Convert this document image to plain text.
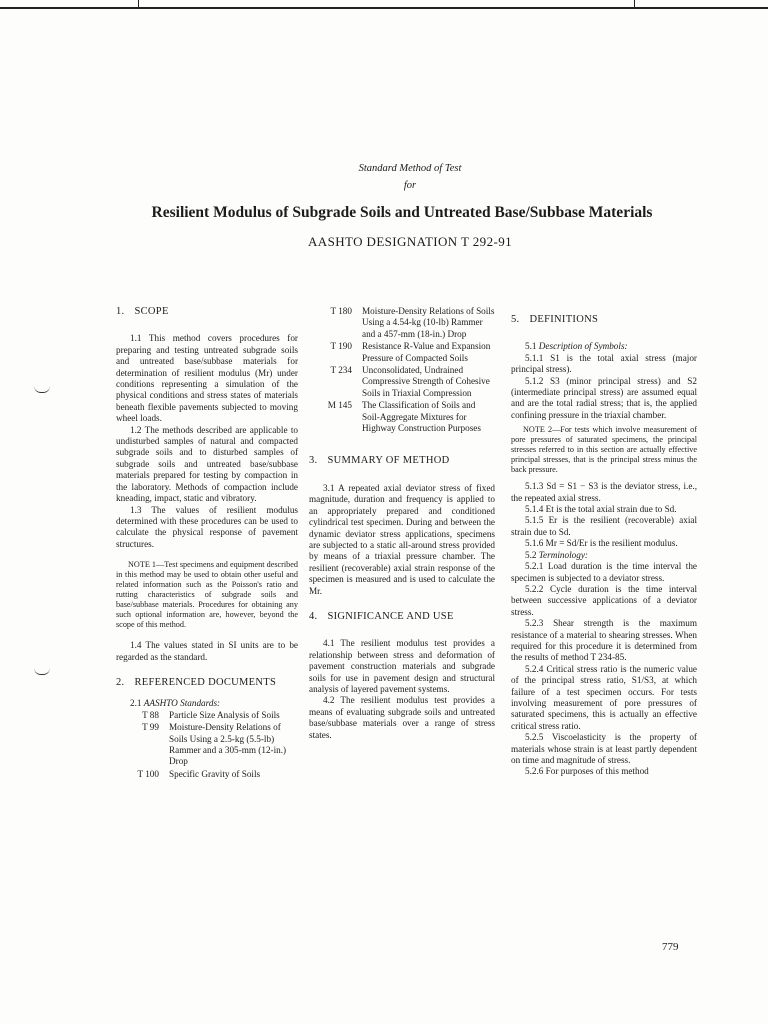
Standard Method of Test
for
Resilient Modulus of Subgrade Soils and Untreated Base/Subbase Materials
AASHTO DESIGNATION T 292-91
1. SCOPE

1.1 This method covers procedures for preparing and testing untreated subgrade soils and untreated base/subbase materials for determination of resilient modulus (Mr) under conditions representing a simulation of the physical conditions and stress states of materials beneath flexible pavements subjected to moving wheel loads.

1.2 The methods described are applicable to undisturbed samples of natural and compacted subgrade soils and to disturbed samples of subgrade soils and untreated base/subbase materials prepared for testing by compaction in the laboratory. Methods of compaction include kneading, impact, static and vibratory.

1.3 The values of resilient modulus determined with these procedures can be used to calculate the physical response of pavement structures.

NOTE 1—Test specimens and equipment described in this method may be used to obtain other useful and related information such as the Poisson's ratio and rutting characteristics of subgrade soils and base/subbase materials. Procedures for obtaining any such optional information are, however, beyond the scope of this method.

1.4 The values stated in SI units are to be regarded as the standard.

2. REFERENCED DOCUMENTS

2.1 AASHTO Standards:

T 88	Particle Size Analysis of Soils
T 99	Moisture-Density Relations of Soils Using a 2.5-kg (5.5-lb) Rammer and a 305-mm (12-in.) Drop
T 100	Specific Gravity of Soils
T 180	Moisture-Density Relations of Soils Using a 4.54-kg (10-lb) Rammer and a 457-mm (18-in.) Drop
T 190	Resistance R-Value and Expansion Pressure of Compacted Soils
T 234	Unconsolidated, Undrained Compressive Strength of Cohesive Soils in Triaxial Compression
M 145	The Classification of Soils and Soil-Aggregate Mixtures for Highway Construction Purposes
3. SUMMARY OF METHOD

3.1 A repeated axial deviator stress of fixed magnitude, duration and frequency is applied to an appropriately prepared and conditioned cylindrical test specimen. During and between the dynamic deviator stress applications, specimens are subjected to a static all-around stress provided by means of a triaxial pressure chamber. The resilient (recoverable) axial strain response of the specimen is measured and is used to calculate the Mr.

4. SIGNIFICANCE AND USE

4.1 The resilient modulus test provides a relationship between stress and deformation of pavement construction materials and subgrade soils for use in pavement design and structural analysis of layered pavement systems.

4.2 The resilient modulus test provides a means of evaluating subgrade soils and untreated base/subbase materials over a range of stress states.

5. DEFINITIONS

5.1 Description of Symbols:

5.1.1 S1 is the total axial stress (major principal stress).

5.1.2 S3 (minor principal stress) and S2 (intermediate principal stress) are assumed equal and are the total radial stress; that is, the applied confining pressure in the triaxial chamber.

NOTE 2—For tests which involve measurement of pore pressures of saturated specimens, the principal stresses referred to in this section are actually effective principal stresses, that is the principal stress minus the back pressure.

5.1.3 Sd = S1 − S3 is the deviator stress, i.e., the repeated axial stress.

5.1.4 Et is the total axial strain due to Sd.

5.1.5 Er is the resilient (recoverable) axial strain due to Sd.

5.1.6 Mr = Sd/Er is the resilient modulus.

5.2 Terminology:

5.2.1 Load duration is the time interval the specimen is subjected to a deviator stress.

5.2.2 Cycle duration is the time interval between successive applications of a deviator stress.

5.2.3 Shear strength is the maximum resistance of a material to shearing stresses. When required for this procedure it is determined from the results of method T 234-85.

5.2.4 Critical stress ratio is the numeric value of the principal stress ratio, S1/S3, at which failure of a test specimen occurs. For tests involving measurement of pore pressures of saturated specimens, this is actually an effective critical stress ratio.

5.2.5 Viscoelasticity is the property of materials whose strain is at least partly dependent on time and magnitude of stress.

5.2.6 For purposes of this method

779
